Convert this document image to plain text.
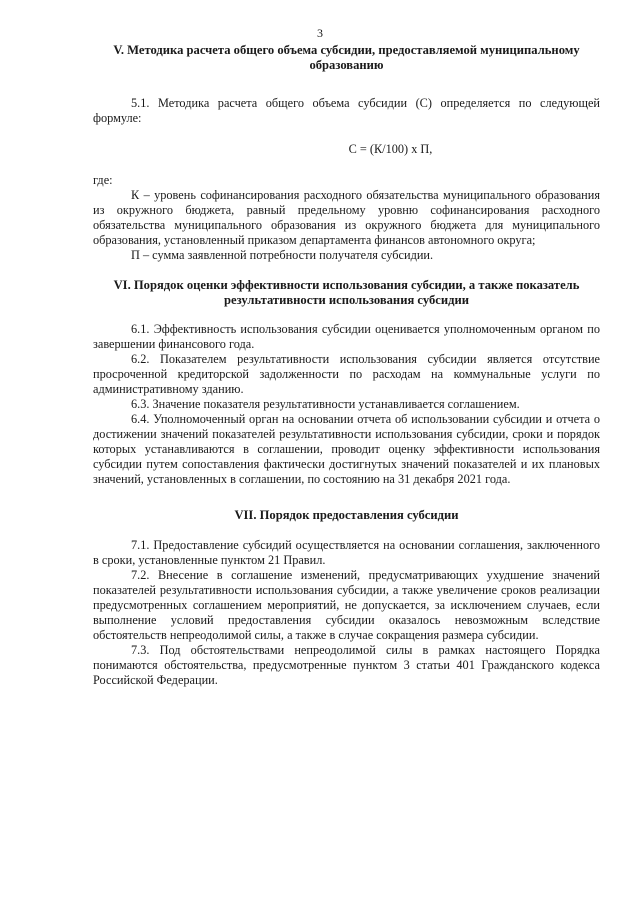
3
V. Методика расчета общего объема субсидии, предоставляемой муниципальному образованию

5.1. Методика расчета общего объема субсидии (С) определяется по следующей формуле:

С = (К/100) х П,

где:

К – уровень софинансирования расходного обязательства муниципального образования из окружного бюджета, равный предельному уровню софинансирования расходного обязательства муниципального образования из окружного бюджета для муниципального образования, установленный приказом департамента финансов автономного округа;

П – сумма заявленной потребности получателя субсидии.

VI. Порядок оценки эффективности использования субсидии, а также показатель результативности использования субсидии

6.1. Эффективность использования субсидии оценивается уполномоченным органом по завершении финансового года.

6.2. Показателем результативности использования субсидии является отсутствие просроченной кредиторской задолженности по расходам на коммунальные услуги по административному зданию.

6.3. Значение показателя результативности устанавливается соглашением.

6.4. Уполномоченный орган на основании отчета об использовании субсидии и отчета о достижении значений показателей результативности использования субсидии, сроки и порядок которых устанавливаются в соглашении, проводит оценку эффективности использования субсидии путем сопоставления фактически достигнутых значений показателей и их плановых значений, установленных в соглашении, по состоянию на 31 декабря 2021 года.

VII. Порядок предоставления субсидии

7.1. Предоставление субсидий осуществляется на основании соглашения, заключенного в сроки, установленные пунктом 21 Правил.

7.2. Внесение в соглашение изменений, предусматривающих ухудшение значений показателей результативности использования субсидии, а также увеличение сроков реализации предусмотренных соглашением мероприятий, не допускается, за исключением случаев, если выполнение условий предоставления субсидии оказалось невозможным вследствие обстоятельств непреодолимой силы, а также в случае сокращения размера субсидии.

7.3. Под обстоятельствами непреодолимой силы в рамках настоящего Порядка понимаются обстоятельства, предусмотренные пунктом 3 статьи 401 Гражданского кодекса Российской Федерации.
